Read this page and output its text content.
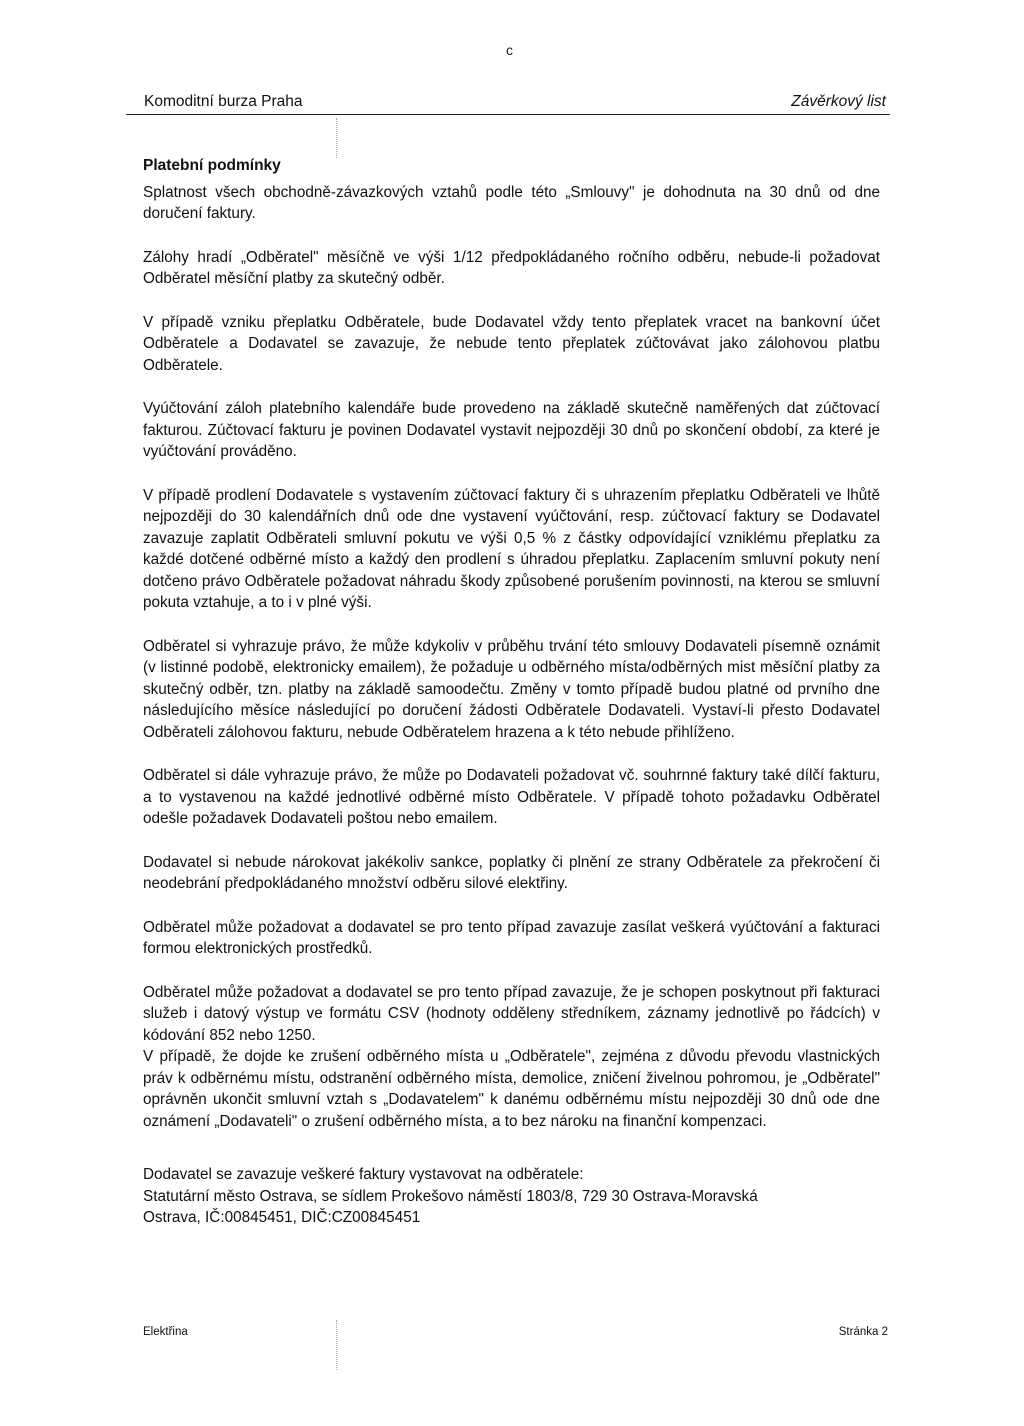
c
Komoditní burza Praha	Závěrkový list
Platební podmínky

Splatnost všech obchodně-závazkových vztahů podle této „Smlouvy" je dohodnuta na 30 dnů od dne doručení faktury.

Zálohy hradí „Odběratel" měsíčně ve výši 1/12 předpokládaného ročního odběru, nebude-li požadovat Odběratel měsíční platby za skutečný odběr.

V případě vzniku přeplatku Odběratele, bude Dodavatel vždy tento přeplatek vracet na bankovní účet Odběratele a Dodavatel se zavazuje, že nebude tento přeplatek zúčtovávat jako zálohovou platbu Odběratele.

Vyúčtování záloh platebního kalendáře bude provedeno na základě skutečně naměřených dat zúčtovací fakturou. Zúčtovací fakturu je povinen Dodavatel vystavit nejpozději 30 dnů po skončení období, za které je vyúčtování prováděno.

V případě prodlení Dodavatele s vystavením zúčtovací faktury či s uhrazením přeplatku Odběrateli ve lhůtě nejpozději do 30 kalendářních dnů ode dne vystavení vyúčtování, resp. zúčtovací faktury se Dodavatel zavazuje zaplatit Odběrateli smluvní pokutu ve výši 0,5 % z částky odpovídající vzniklému přeplatku za každé dotčené odběrné místo a každý den prodlení s úhradou přeplatku. Zaplacením smluvní pokuty není dotčeno právo Odběratele požadovat náhradu škody způsobené porušením povinnosti, na kterou se smluvní pokuta vztahuje, a to i v plné výši.

Odběratel si vyhrazuje právo, že může kdykoliv v průběhu trvání této smlouvy Dodavateli písemně oznámit (v listinné podobě, elektronicky emailem), že požaduje u odběrného místa/odběrných mist měsíční platby za skutečný odběr, tzn. platby na základě samoodečtu. Změny v tomto případě budou platné od prvního dne následujícího měsíce následující po doručení žádosti Odběratele Dodavateli. Vystaví-li přesto Dodavatel Odběrateli zálohovou fakturu, nebude Odběratelem hrazena a k této nebude přihlíženo.

Odběratel si dále vyhrazuje právo, že může po Dodavateli požadovat vč. souhrnné faktury také dílčí fakturu, a to vystavenou na každé jednotlivé odběrné místo Odběratele. V případě tohoto požadavku Odběratel odešle požadavek Dodavateli poštou nebo emailem.

Dodavatel si nebude nárokovat jakékoliv sankce, poplatky či plnění ze strany Odběratele za překročení či neodebrání předpokládaného množství odběru silové elektřiny.

Odběratel může požadovat a dodavatel se pro tento případ zavazuje zasílat veškerá vyúčtování a fakturaci formou elektronických prostředků.

Odběratel může požadovat a dodavatel se pro tento případ zavazuje, že je schopen poskytnout při fakturaci služeb i datový výstup ve formátu CSV (hodnoty odděleny středníkem, záznamy jednotlivě po řádcích) v kódování 852 nebo 1250.

V případě, že dojde ke zrušení odběrného místa u „Odběratele", zejména z důvodu převodu vlastnických práv k odběrnému místu, odstranění odběrného místa, demolice, zničení živelnou pohromou, je „Odběratel" oprávněn ukončit smluvní vztah s „Dodavatelem" k danému odběrnému místu nejpozději 30 dnů ode dne oznámení „Dodavateli" o zrušení odběrného místa, a to bez nároku na finanční kompenzaci.

Dodavatel se zavazuje veškeré faktury vystavovat na odběratele:
Statutární město Ostrava, se sídlem Prokešovo náměstí 1803/8, 729 30 Ostrava-Moravská
Ostrava, IČ:00845451, DIČ:CZ00845451

Elektřina	Stránka 2
